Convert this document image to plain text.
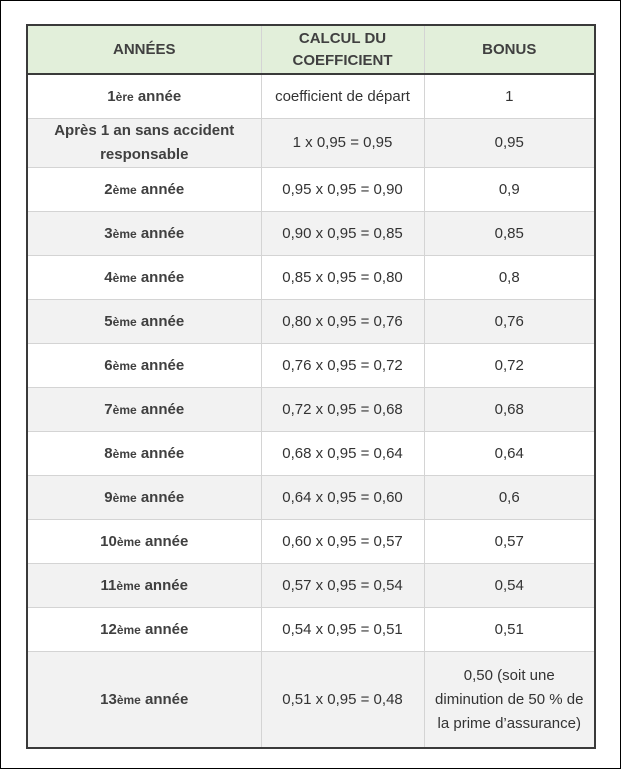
ANNÉES	CALCUL DU COEFFICIENT	BONUS
1ère année	coefficient de départ	1
Après 1 an sans accident responsable	1 x 0,95 = 0,95	0,95
2ème année	0,95 x 0,95 = 0,90	0,9
3ème année	0,90 x 0,95 = 0,85	0,85
4ème année	0,85 x 0,95 = 0,80	0,8
5ème année	0,80 x 0,95 = 0,76	0,76
6ème année	0,76 x 0,95 = 0,72	0,72
7ème année	0,72 x 0,95 = 0,68	0,68
8ème année	0,68 x 0,95 = 0,64	0,64
9ème année	0,64 x 0,95 = 0,60	0,6
10ème année	0,60 x 0,95 = 0,57	0,57
11ème année	0,57 x 0,95 = 0,54	0,54
12ème année	0,54 x 0,95 = 0,51	0,51
13ème année	0,51 x 0,95 = 0,48	0,50 (soit une diminution de 50 % de la prime d’assurance)
